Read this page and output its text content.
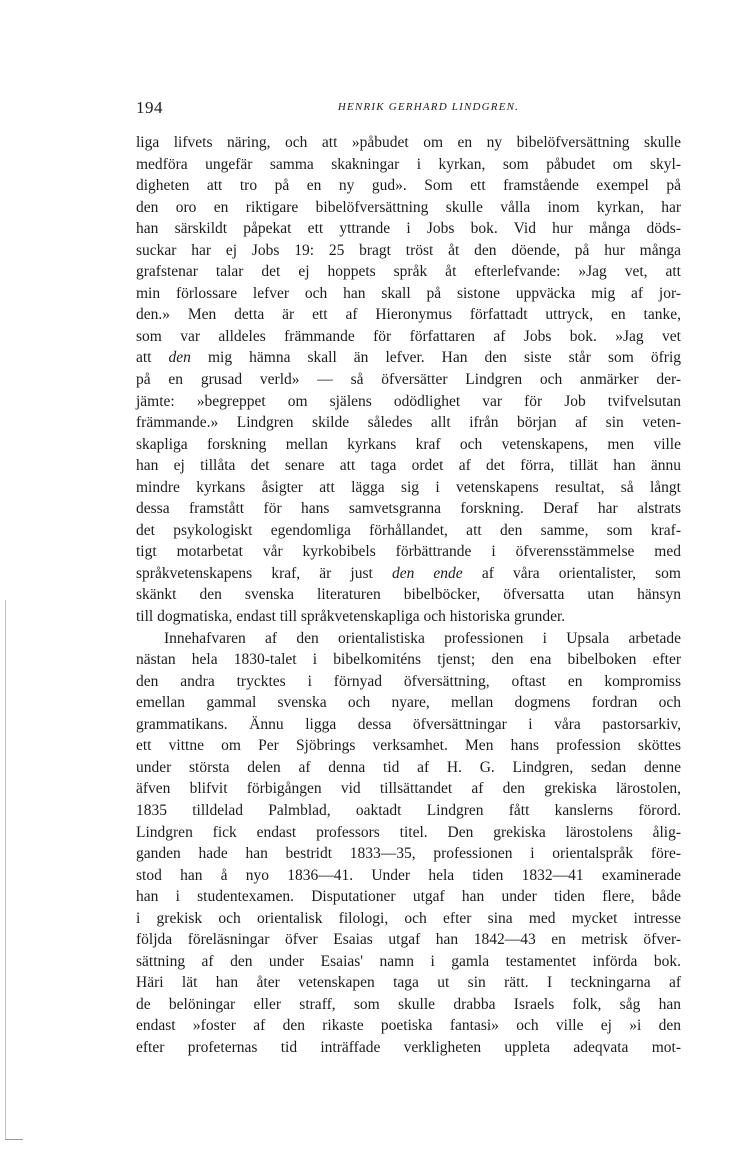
194	HENRIK GERHARD LINDGREN.
liga lifvets näring, och att »påbudet om en ny bibelöfversättning skulle
medföra ungefär samma skakningar i kyrkan, som påbudet om skyl-
digheten att tro på en ny gud». Som ett framstående exempel på
den oro en riktigare bibelöfversättning skulle vålla inom kyrkan, har
han särskildt påpekat ett yttrande i Jobs bok. Vid hur många döds-
suckar har ej Jobs 19: 25 bragt tröst åt den döende, på hur många
grafstenar talar det ej hoppets språk åt efterlefvande: »Jag vet, att
min förlossare lefver och han skall på sistone uppväcka mig af jor-
den.» Men detta är ett af Hieronymus författadt uttryck, en tanke,
som var alldeles främmande för författaren af Jobs bok. »Jag vet
att den mig hämna skall än lefver. Han den siste står som öfrig
på en grusad verld» — så öfversätter Lindgren och anmärker der-
jämte: »begreppet om själens odödlighet var för Job tvifvelsutan
främmande.» Lindgren skilde således allt ifrån början af sin veten-
skapliga forskning mellan kyrkans kraf och vetenskapens, men ville
han ej tillåta det senare att taga ordet af det förra, tillät han ännu
mindre kyrkans åsigter att lägga sig i vetenskapens resultat, så långt
dessa framstått för hans samvetsgranna forskning. Deraf har alstrats
det psykologiskt egendomliga förhållandet, att den samme, som kraf-
tigt motarbetat vår kyrkobibels förbättrande i öfverensstämmelse med
språkvetenskapens kraf, är just den ende af våra orientalister, som
skänkt den svenska literaturen bibelböcker, öfversatta utan hänsyn
till dogmatiska, endast till språkvetenskapliga och historiska grunder.
Innehafvaren af den orientalistiska professionen i Upsala arbetade
nästan hela 1830-talet i bibelkomiténs tjenst; den ena bibelboken efter
den andra trycktes i förnyad öfversättning, oftast en kompromiss
emellan gammal svenska och nyare, mellan dogmens fordran och
grammatikans. Ännu ligga dessa öfversättningar i våra pastorsarkiv,
ett vittne om Per Sjöbrings verksamhet. Men hans profession sköttes
under största delen af denna tid af H. G. Lindgren, sedan denne
äfven blifvit förbigången vid tillsättandet af den grekiska lärostolen,
1835 tilldelad Palmblad, oaktadt Lindgren fått kanslerns förord.
Lindgren fick endast professors titel. Den grekiska lärostolens ålig-
ganden hade han bestridt 1833—35, professionen i orientalspråk före-
stod han å nyo 1836—41. Under hela tiden 1832—41 examinerade
han i studentexamen. Disputationer utgaf han under tiden flere, både
i grekisk och orientalisk filologi, och efter sina med mycket intresse
följda föreläsningar öfver Esaias utgaf han 1842—43 en metrisk öfver-
sättning af den under Esaias' namn i gamla testamentet införda bok.
Häri lät han åter vetenskapen taga ut sin rätt. I teckningarna af
de belöningar eller straff, som skulle drabba Israels folk, såg han
endast »foster af den rikaste poetiska fantasi» och ville ej »i den
efter profeternas tid inträffade verkligheten uppleta adeqvata mot-
